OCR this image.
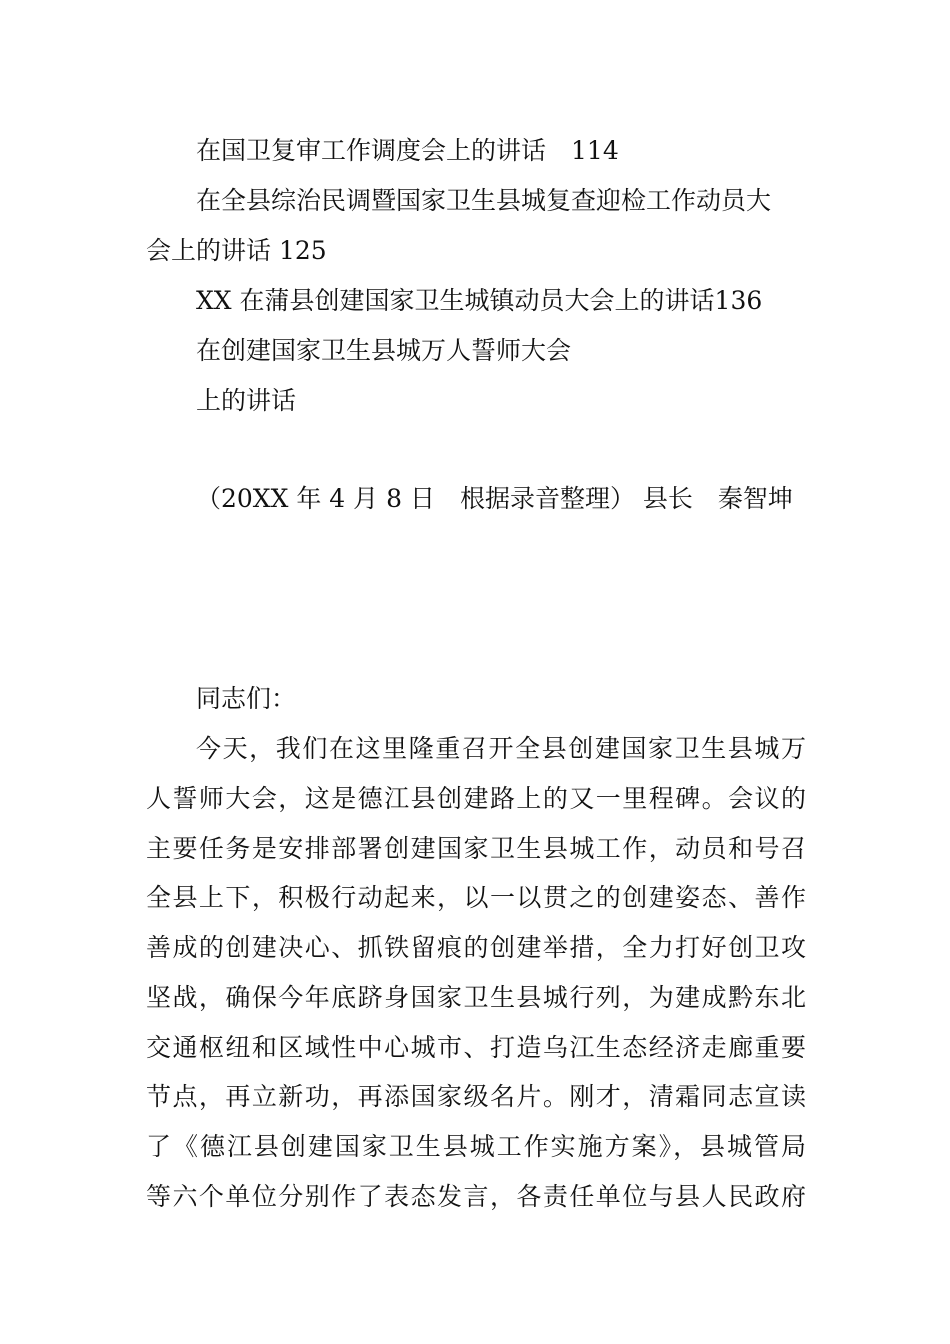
在国卫复审工作调度会上的讲话　114
在全县综治民调暨国家卫生县城复查迎检工作动员大
会上的讲话 125
XX 在蒲县创建国家卫生城镇动员大会上的讲话136
在创建国家卫生县城万人誓师大会
上的讲话
（20XX 年 4 月 8 日　根据录音整理） 县长　秦智坤
同志们：
今天，我们在这里隆重召开全县创建国家卫生县城万
人誓师大会，这是德江县创建路上的又一里程碑。会议的
主要任务是安排部署创建国家卫生县城工作，动员和号召
全县上下，积极行动起来，以一以贯之的创建姿态、善作
善成的创建决心、抓铁留痕的创建举措，全力打好创卫攻
坚战，确保今年底跻身国家卫生县城行列，为建成黔东北
交通枢纽和区域性中心城市、打造乌江生态经济走廊重要
节点，再立新功，再添国家级名片。刚才，清霜同志宣读
了《德江县创建国家卫生县城工作实施方案》，县城管局
等六个单位分别作了表态发言，各责任单位与县人民政府
